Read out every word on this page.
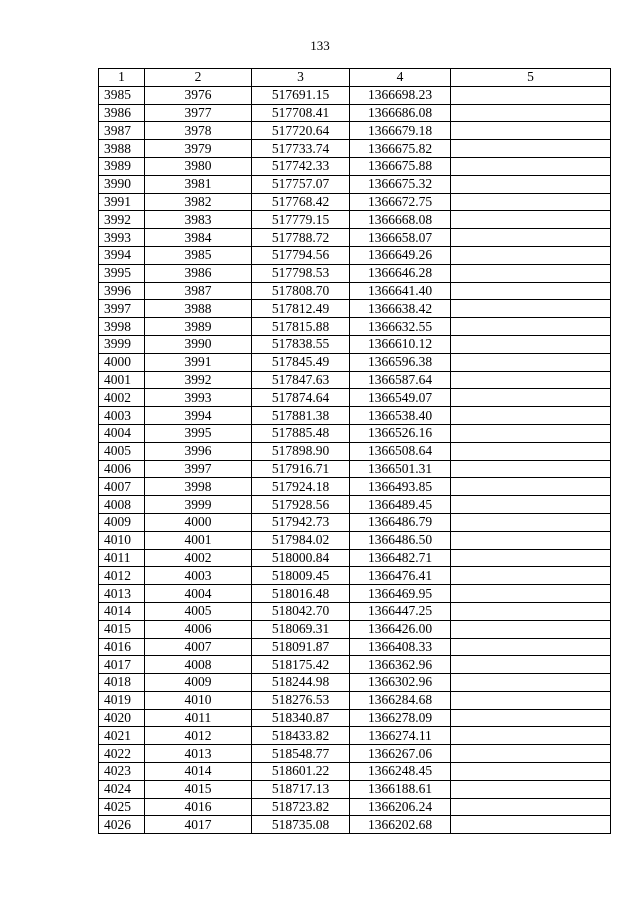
133
1	2	3	4	5
3985	3976	517691.15	1366698.23	
3986	3977	517708.41	1366686.08	
3987	3978	517720.64	1366679.18	
3988	3979	517733.74	1366675.82	
3989	3980	517742.33	1366675.88	
3990	3981	517757.07	1366675.32	
3991	3982	517768.42	1366672.75	
3992	3983	517779.15	1366668.08	
3993	3984	517788.72	1366658.07	
3994	3985	517794.56	1366649.26	
3995	3986	517798.53	1366646.28	
3996	3987	517808.70	1366641.40	
3997	3988	517812.49	1366638.42	
3998	3989	517815.88	1366632.55	
3999	3990	517838.55	1366610.12	
4000	3991	517845.49	1366596.38	
4001	3992	517847.63	1366587.64	
4002	3993	517874.64	1366549.07	
4003	3994	517881.38	1366538.40	
4004	3995	517885.48	1366526.16	
4005	3996	517898.90	1366508.64	
4006	3997	517916.71	1366501.31	
4007	3998	517924.18	1366493.85	
4008	3999	517928.56	1366489.45	
4009	4000	517942.73	1366486.79	
4010	4001	517984.02	1366486.50	
4011	4002	518000.84	1366482.71	
4012	4003	518009.45	1366476.41	
4013	4004	518016.48	1366469.95	
4014	4005	518042.70	1366447.25	
4015	4006	518069.31	1366426.00	
4016	4007	518091.87	1366408.33	
4017	4008	518175.42	1366362.96	
4018	4009	518244.98	1366302.96	
4019	4010	518276.53	1366284.68	
4020	4011	518340.87	1366278.09	
4021	4012	518433.82	1366274.11	
4022	4013	518548.77	1366267.06	
4023	4014	518601.22	1366248.45	
4024	4015	518717.13	1366188.61	
4025	4016	518723.82	1366206.24	
4026	4017	518735.08	1366202.68	
